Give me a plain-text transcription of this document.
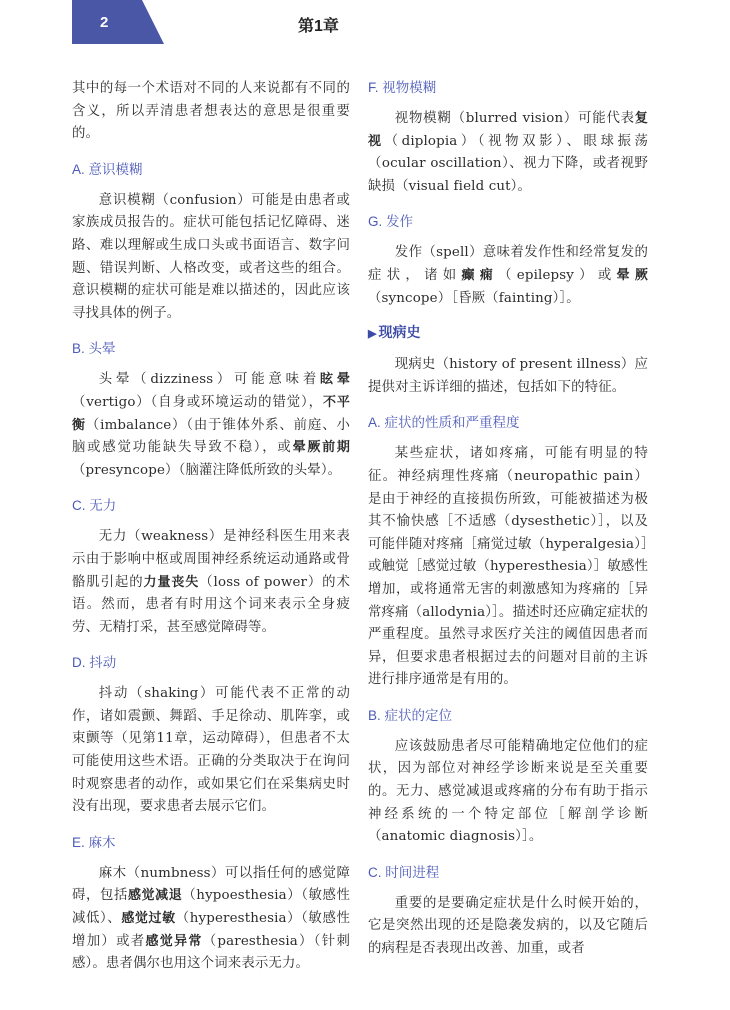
2	第1章

其中的每一个术语对不同的人来说都有不同的含义，所以弄清患者想表达的意思是很重要的。

A. 意识模糊

意识模糊（confusion）可能是由患者或家族成员报告的。症状可能包括记忆障碍、迷路、难以理解或生成口头或书面语言、数字问题、错误判断、人格改变，或者这些的组合。意识模糊的症状可能是难以描述的，因此应该寻找具体的例子。

B. 头晕

头晕（dizziness）可能意味着眩晕（vertigo）（自身或环境运动的错觉），不平衡（imbalance）（由于锥体外系、前庭、小脑或感觉功能缺失导致不稳），或晕厥前期（presyncope）（脑灌注降低所致的头晕）。

C. 无力

无力（weakness）是神经科医生用来表示由于影响中枢或周围神经系统运动通路或骨骼肌引起的力量丧失（loss of power）的术语。然而，患者有时用这个词来表示全身疲劳、无精打采，甚至感觉障碍等。

D. 抖动

抖动（shaking）可能代表不正常的动作，诸如震颤、舞蹈、手足徐动、肌阵挛，或束颤等（见第11章，运动障碍），但患者不太可能使用这些术语。正确的分类取决于在询问时观察患者的动作，或如果它们在采集病史时没有出现，要求患者去展示它们。

E. 麻木

麻木（numbness）可以指任何的感觉障碍，包括感觉减退（hypoesthesia）（敏感性减低）、感觉过敏（hyperesthesia）（敏感性增加）或者感觉异常（paresthesia）（针刺感）。患者偶尔也用这个词来表示无力。

F. 视物模糊

视物模糊（blurred vision）可能代表复视（diplopia）（视物双影）、眼球振荡（ocular oscillation）、视力下降，或者视野缺损（visual field cut）。

G. 发作

发作（spell）意味着发作性和经常复发的症状，诸如癫痫（epilepsy）或晕厥（syncope）［昏厥（fainting）］。

▶ 现病史

现病史（history of present illness）应提供对主诉详细的描述，包括如下的特征。

A. 症状的性质和严重程度

某些症状，诸如疼痛，可能有明显的特征。神经病理性疼痛（neuropathic pain）是由于神经的直接损伤所致，可能被描述为极其不愉快感［不适感（dysesthetic）］，以及可能伴随对疼痛［痛觉过敏（hyperalgesia）］或触觉［感觉过敏（hyperesthesia）］敏感性增加，或将通常无害的刺激感知为疼痛的［异常疼痛（allodynia）］。描述时还应确定症状的严重程度。虽然寻求医疗关注的阈值因患者而异，但要求患者根据过去的问题对目前的主诉进行排序通常是有用的。

B. 症状的定位

应该鼓励患者尽可能精确地定位他们的症状，因为部位对神经学诊断来说是至关重要的。无力、感觉减退或疼痛的分布有助于指示神经系统的一个特定部位［解剖学诊断（anatomic diagnosis）］。

C. 时间进程

重要的是要确定症状是什么时候开始的，它是突然出现的还是隐袭发病的，以及它随后的病程是否表现出改善、加重，或者
